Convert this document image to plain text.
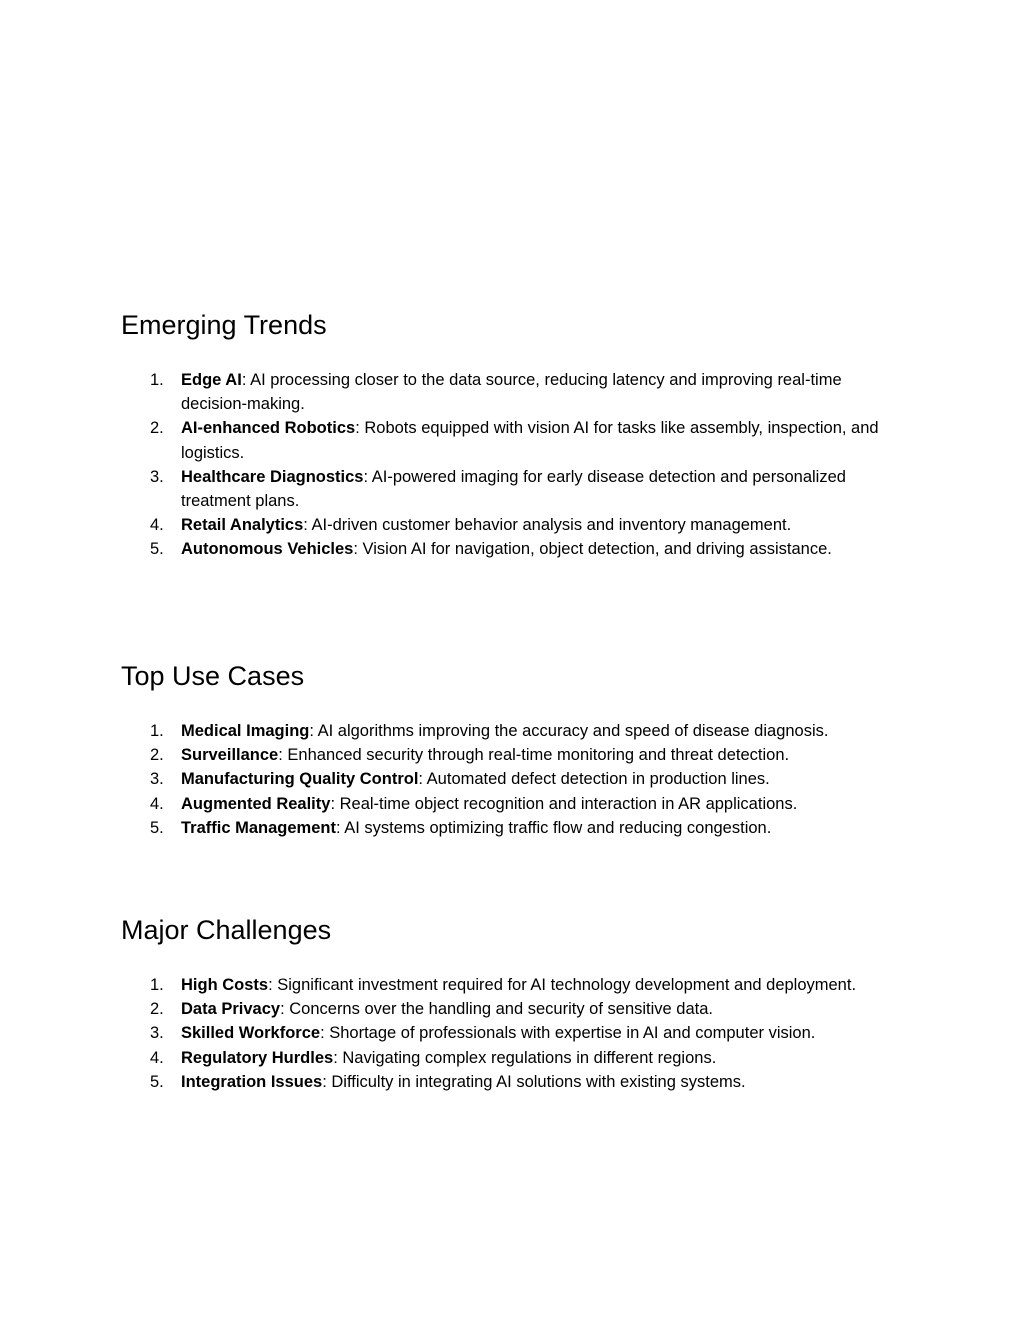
Emerging Trends
1. Edge AI: AI processing closer to the data source, reducing latency and improving real-time decision-making.
2. AI-enhanced Robotics: Robots equipped with vision AI for tasks like assembly, inspection, and logistics.
3. Healthcare Diagnostics: AI-powered imaging for early disease detection and personalized treatment plans.
4. Retail Analytics: AI-driven customer behavior analysis and inventory management.
5. Autonomous Vehicles: Vision AI for navigation, object detection, and driving assistance.
Top Use Cases
1. Medical Imaging: AI algorithms improving the accuracy and speed of disease diagnosis.
2. Surveillance: Enhanced security through real-time monitoring and threat detection.
3. Manufacturing Quality Control: Automated defect detection in production lines.
4. Augmented Reality: Real-time object recognition and interaction in AR applications.
5. Traffic Management: AI systems optimizing traffic flow and reducing congestion.
Major Challenges
1. High Costs: Significant investment required for AI technology development and deployment.
2. Data Privacy: Concerns over the handling and security of sensitive data.
3. Skilled Workforce: Shortage of professionals with expertise in AI and computer vision.
4. Regulatory Hurdles: Navigating complex regulations in different regions.
5. Integration Issues: Difficulty in integrating AI solutions with existing systems.
